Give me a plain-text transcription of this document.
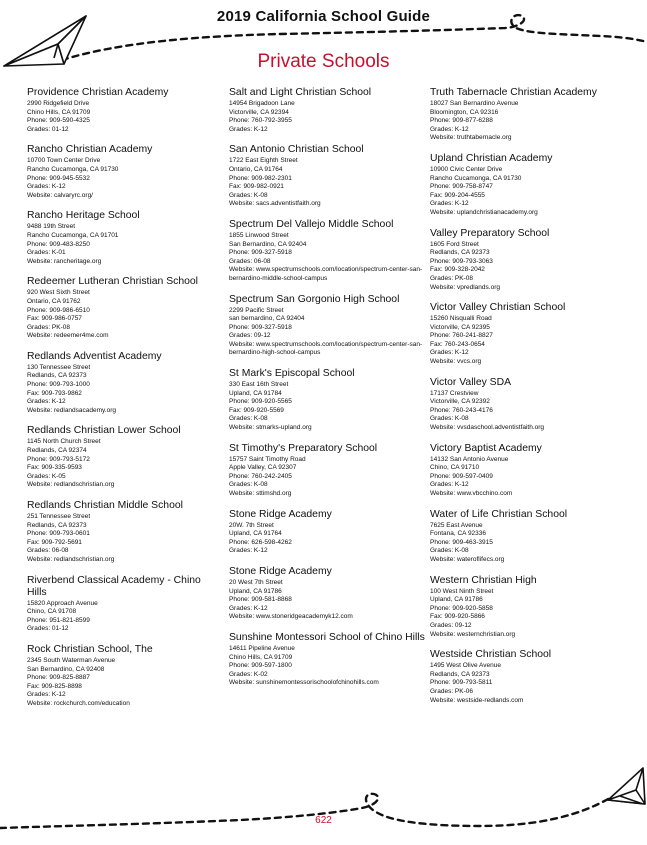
2019 California School Guide
Private Schools
Providence Christian Academy
2990 Ridgefield Drive
Chino Hills, CA 91709
Phone: 909-590-4325
Grades: 01-12
Rancho Christian Academy
10700 Town Center Drive
Rancho Cucamonga, CA 91730
Phone: 909-945-5532
Grades: K-12
Website: calvaryrc.org/
Rancho Heritage School
9488 19th Street
Rancho Cucamonga, CA 91701
Phone: 909-483-8250
Grades: K-01
Website: rancheritage.org
Redeemer Lutheran Christian School
920 West Sixth Street
Ontario, CA 91762
Phone: 909-986-6510
Fax: 909-986-0757
Grades: PK-08
Website: redeemer4me.com
Redlands Adventist Academy
130 Tennessee Street
Redlands, CA 92373
Phone: 909-793-1000
Fax: 909-793-9862
Grades: K-12
Website: redlandsacademy.org
Redlands Christian Lower School
1145 North Church Street
Redlands, CA 92374
Phone: 909-793-5172
Fax: 909-335-9593
Grades: K-05
Website: redlandschristian.org
Redlands Christian Middle School
251 Tennessee Street
Redlands, CA 92373
Phone: 909-793-0601
Fax: 909-792-5691
Grades: 06-08
Website: redlandschristian.org
Riverbend Classical Academy - Chino Hills
15820 Approach Avenue
Chino, CA 91708
Phone: 951-821-8599
Grades: 01-12
Rock Christian School, The
2345 South Waterman Avenue
San Bernardino, CA 92408
Phone: 909-825-8887
Fax: 909-825-8898
Grades: K-12
Website: rockchurch.com/education
Salt and Light Christian School
14954 Brigadoon Lane
Victorville, CA 92394
Phone: 760-792-3955
Grades: K-12
San Antonio Christian School
1722 East Eighth Street
Ontario, CA 91764
Phone: 909-982-2301
Fax: 909-982-0921
Grades: K-08
Website: sacs.adventistfaith.org
Spectrum Del Vallejo Middle School
1855 Linwood Street
San Bernardino, CA 92404
Phone: 909-327-5918
Grades: 06-08
Website: www.spectrumschools.com/location/spectrum-center-san-bernardino-middle-school-campus
Spectrum San Gorgonio High School
2299 Pacific Street
san bernardino, CA 92404
Phone: 909-327-5918
Grades: 09-12
Website: www.spectrumschools.com/location/spectrum-center-san-bernardino-high-school-campus
St Mark's Episcopal School
330 East 16th Street
Upland, CA 91784
Phone: 909-920-5565
Fax: 909-920-5569
Grades: K-08
Website: stmarks-upland.org
St Timothy's Preparatory School
15757 Saint Timothy Road
Apple Valley, CA 92307
Phone: 760-242-2405
Grades: K-08
Website: sttimshd.org
Stone Ridge Academy
20W. 7th Street
Upland, CA 91764
Phone: 626-598-4262
Grades: K-12
Stone Ridge Academy
20 West 7th Street
Upland, CA 91786
Phone: 909-581-8868
Grades: K-12
Website: www.stoneridgeacademyk12.com
Sunshine Montessori School of Chino Hills
14611 Pipeline Avenue
Chino Hills, CA 91709
Phone: 909-597-1800
Grades: K-02
Website: sunshinemontessorischoolofchinohills.com
Truth Tabernacle Christian Academy
18027 San Bernardino Avenue
Bloomington, CA 92316
Phone: 909-877-6288
Grades: K-12
Website: truthtabernacle.org
Upland Christian Academy
10900 Civic Center Drive
Rancho Cucamonga, CA 91730
Phone: 909-758-8747
Fax: 909-204-4555
Grades: K-12
Website: uplandchristianacademy.org
Valley Preparatory School
1605 Ford Street
Redlands, CA 92373
Phone: 909-793-3063
Fax: 909-328-2042
Grades: PK-08
Website: vpredlands.org
Victor Valley Christian School
15260 Nisqualli Road
Victorville, CA 92395
Phone: 760-241-8827
Fax: 760-243-0654
Grades: K-12
Website: vvcs.org
Victor Valley SDA
17137 Crestview
Victorville, CA 92392
Phone: 760-243-4176
Grades: K-08
Website: vvsdaschool.adventistfaith.org
Victory Baptist Academy
14132 San Antonio Avenue
Chino, CA 91710
Phone: 909-597-0409
Grades: K-12
Website: www.vbcchino.com
Water of Life Christian School
7625 East Avenue
Fontana, CA 92336
Phone: 909-463-3915
Grades: K-08
Website: wateroflifecs.org
Western Christian High
100 West Ninth Street
Upland, CA 91786
Phone: 909-920-5858
Fax: 909-920-5866
Grades: 09-12
Website: westernchristian.org
Westside Christian School
1495 West Olive Avenue
Redlands, CA 92373
Phone: 909-793-5811
Grades: PK-06
Website: westside-redlands.com
622
